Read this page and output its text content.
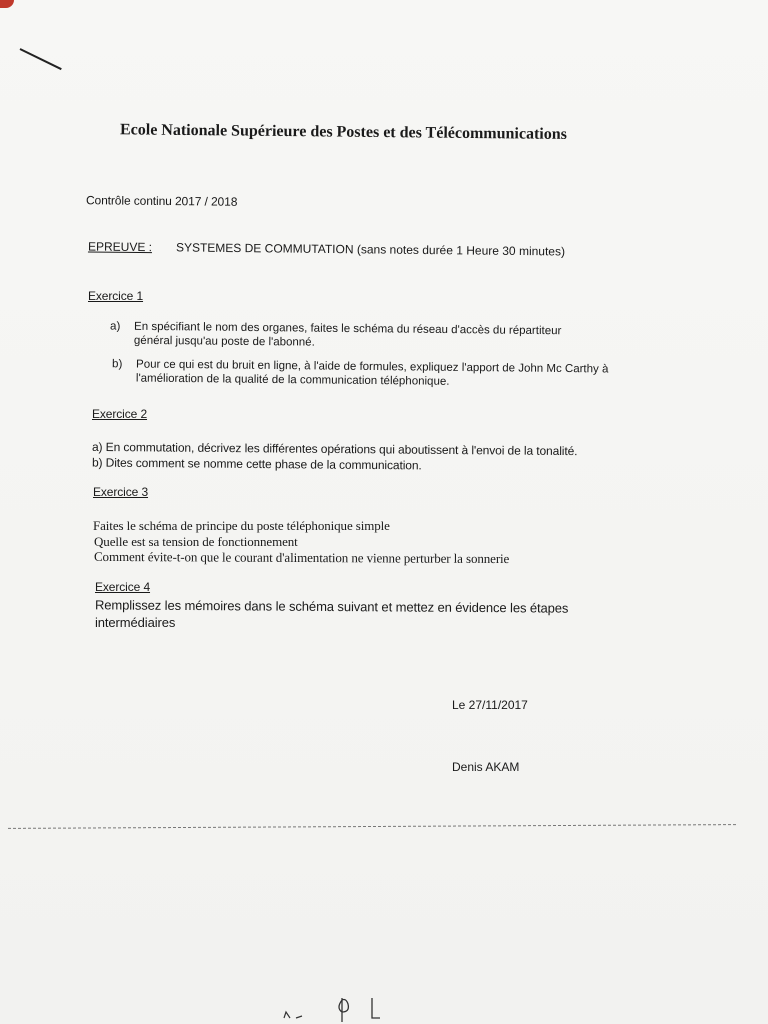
Ecole Nationale Supérieure des Postes et des Télécommunications
Contrôle continu 2017 / 2018
EPREUVE : SYSTEMES DE COMMUTATION (sans notes durée 1 Heure 30 minutes)
Exercice 1
a) En spécifiant le nom des organes, faites le schéma du réseau d'accès du répartiteur
général jusqu'au poste de l'abonné.
b) Pour ce qui est du bruit en ligne, à l'aide de formules, expliquez l'apport de John Mc Carthy à
l'amélioration de la qualité de la communication téléphonique.
Exercice 2
a) En commutation, décrivez les différentes opérations qui aboutissent à l'envoi de la tonalité.
b) Dites comment se nomme cette phase de la communication.
Exercice 3
Faites le schéma de principe du poste téléphonique simple
Quelle est sa tension de fonctionnement
Comment évite-t-on que le courant d'alimentation ne vienne perturber la sonnerie
Exercice 4
Remplissez les mémoires dans le schéma suivant et mettez en évidence les étapes
intermédiaires
Le 27/11/2017
Denis AKAM
